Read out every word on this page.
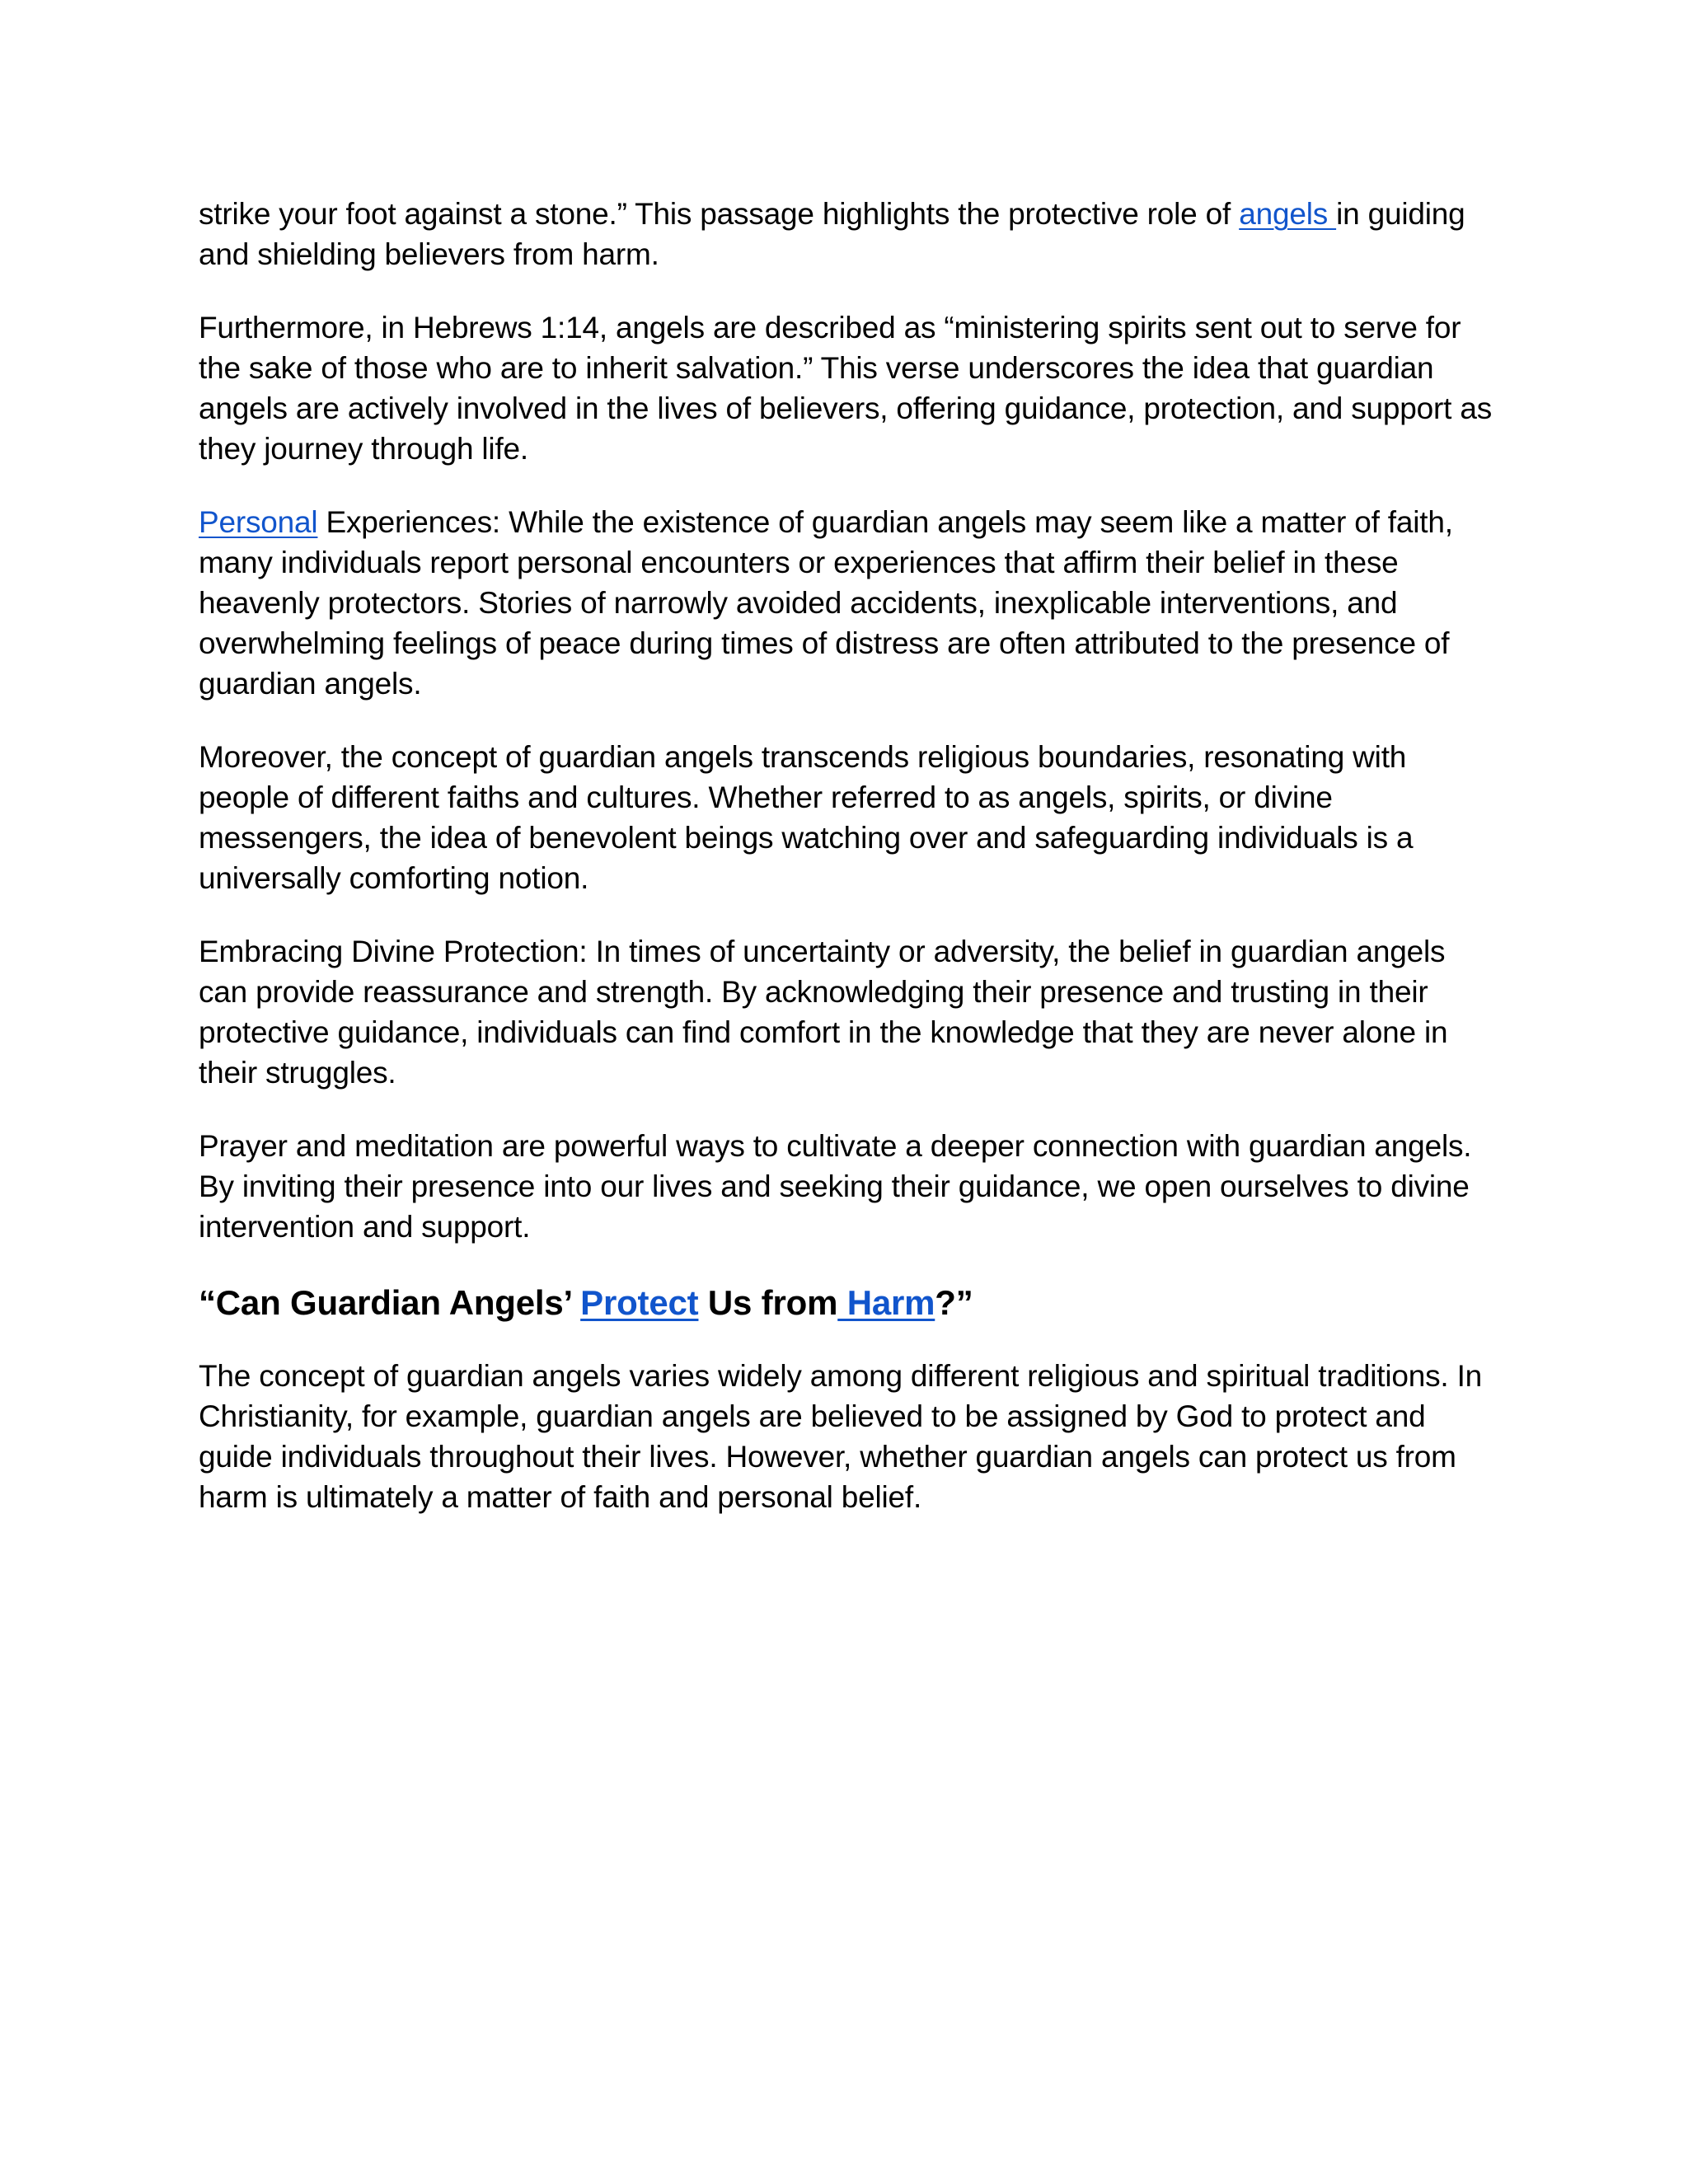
strike your foot against a stone.” This passage highlights the protective role of angels in guiding and shielding believers from harm.

Furthermore, in Hebrews 1:14, angels are described as “ministering spirits sent out to serve for the sake of those who are to inherit salvation.” This verse underscores the idea that guardian angels are actively involved in the lives of believers, offering guidance, protection, and support as they journey through life.

Personal Experiences: While the existence of guardian angels may seem like a matter of faith, many individuals report personal encounters or experiences that affirm their belief in these heavenly protectors. Stories of narrowly avoided accidents, inexplicable interventions, and overwhelming feelings of peace during times of distress are often attributed to the presence of guardian angels.

Moreover, the concept of guardian angels transcends religious boundaries, resonating with people of different faiths and cultures. Whether referred to as angels, spirits, or divine messengers, the idea of benevolent beings watching over and safeguarding individuals is a universally comforting notion.

Embracing Divine Protection: In times of uncertainty or adversity, the belief in guardian angels can provide reassurance and strength. By acknowledging their presence and trusting in their protective guidance, individuals can find comfort in the knowledge that they are never alone in their struggles.

Prayer and meditation are powerful ways to cultivate a deeper connection with guardian angels. By inviting their presence into our lives and seeking their guidance, we open ourselves to divine intervention and support.

“Can Guardian Angels’ Protect Us from Harm?”

The concept of guardian angels varies widely among different religious and spiritual traditions. In Christianity, for example, guardian angels are believed to be assigned by God to protect and guide individuals throughout their lives. However, whether guardian angels can protect us from harm is ultimately a matter of faith and personal belief.
